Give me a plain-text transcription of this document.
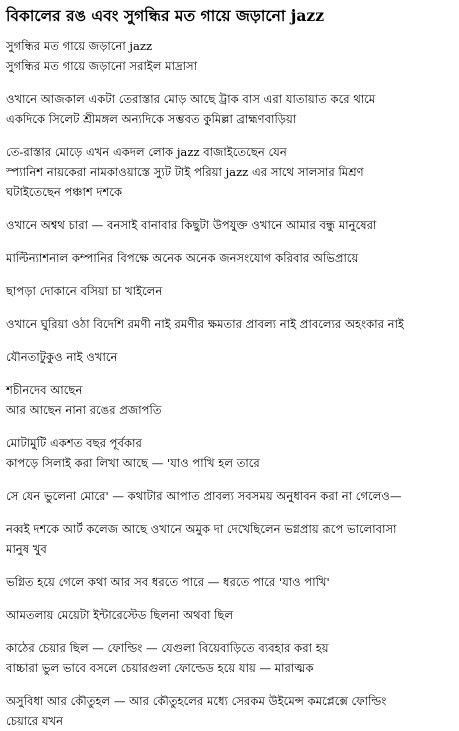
বিকালের রঙ এবং সুগন্ধির মত গায়ে জড়ানো jazz
সুগন্ধির মত গায়ে জড়ানো jazz
সুগন্ধির মত গায়ে জড়ানো সরাইল মাদ্রাসা
ওখানে আজকাল একটা তেরাস্তার মোড় আছে ট্রাক বাস এরা যাতায়াত করে থামে
একদিকে সিলেট শ্রীমঙ্গল অন্যদিকে সম্ভবত কুমিল্লা ব্রাহ্মণবাড়িয়া
তে-রাস্তার মোড়ে এখন একদল লোক jazz বাজাইতেছেন যেন
স্প্যানিশ নায়কেরা নামকাওয়াস্তে স্যুট টাই পরিয়া jazz এর সাথে সালসার মিশ্রণ
ঘটাইতেছেন পঞ্চাশ দশকে
ওখানে অশ্বথ চারা — বনসাই বানাবার কিছুটা উপযুক্ত ওখানে আমার বন্ধু মানুষেরা
মাল্টিন্যাশনাল কম্পানির বিপক্ষে অনেক অনেক জনসংযোগ করিবার অভিপ্রায়ে
ছাপড়া দোকানে বসিয়া চা খাইলেন
ওখানে ঘুরিয়া ওঠা বিদেশি রমণী নাই রমণীর ক্ষমতার প্রাবল্য নাই প্রাবল্যের অহংকার নাই
যৌনতাটুকুও নাই ওখানে
শচীনদেব আছেন
আর আছেন নানা রঙের প্রজাপতি
মোটামুটি একশত বছর পূর্বকার
কাপড়ে সিলাই করা লিখা আছে — 'যাও পাখি হল তারে
সে যেন ভুলেনা মোরে' — কথাটার আপাত প্রাবল্য সবসময় অনুধাবন করা না গেলেও—
নব্বই দশকে আর্ট কলেজ আছে ওখানে অমুক দা দেখেছিলেন ভগ্নপ্রায় রূপে ভালোবাসা
মানুষ খুব
ভগ্নিত হয়ে গেলে কথা আর সব ধরতে পারে — ধরতে পারে 'যাও পাখি'
আমতলায় মেয়েটা ইন্টারেস্টেড ছিলনা অথবা ছিল
কাঠের চেয়ার ছিল — ফোল্ডিং — যেগুলা বিয়েবাড়িতে ব্যবহার করা হয়
বাচ্চারা ভুল ভাবে বসলে চেয়ারগুলা ফোল্ডেড হয়ে যায় — মারাত্মক
অসুবিধা আর কৌতুহল — আর কৌতুহলের মধ্যে সেরকম উইমেন্স কমপ্লেক্সে ফোল্ডিং
চেয়ারে যখন
